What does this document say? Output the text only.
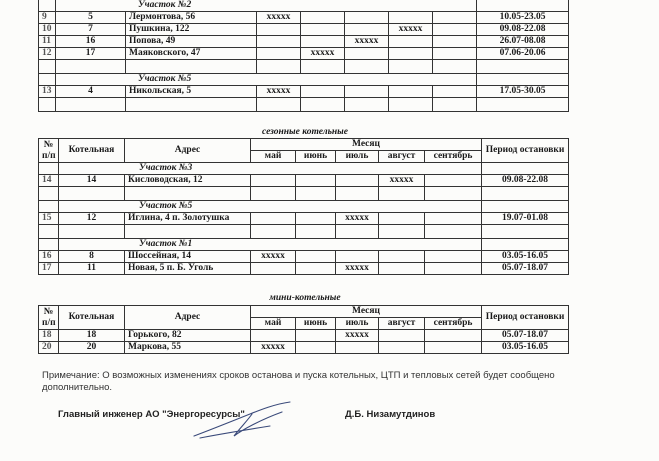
	Участок №2							
9	5	Лермонтова, 56	xxxxx						10.05-23.05
10	7	Пушкина, 122				xxxxx			09.08-22.08
11	16	Попова, 49			xxxxx				26.07-08.08
12	17	Маяковского, 47		xxxxx					07.06-20.06

	Участок №5							
13	4	Никольская, 5	xxxxx						17.05-30.05

сезонные котельные
№
п/п	Котельная	Адрес	Месяц					Период остановки
			май	июнь	июль	август	сентябрь	
	Участок №3							
14	14	Кисловодская, 12				xxxxx		09.08-22.08

	Участок №5							
15	12	Иглина, 4 п. Золотушка			xxxxx			19.07-01.08

	Участок №1							
16	8	Шоссейная, 14	xxxxx					03.05-16.05
17	11	Новая, 5 п. Б. Уголь			xxxxx			05.07-18.07
мини-котельные
№
п/п	Котельная	Адрес	Месяц					Период остановки
			май	июнь	июль	август	сентябрь	
18	18	Горького, 82			xxxxx			05.07-18.07
20	20	Маркова, 55	xxxxx					03.05-16.05
Примечание: О возможных изменениях сроков останова и пуска котельных, ЦТП и тепловых сетей будет сообщено дополнительно.
Главный инженер АО "Энергоресурсы"	Д.Б. Низамутдинов
